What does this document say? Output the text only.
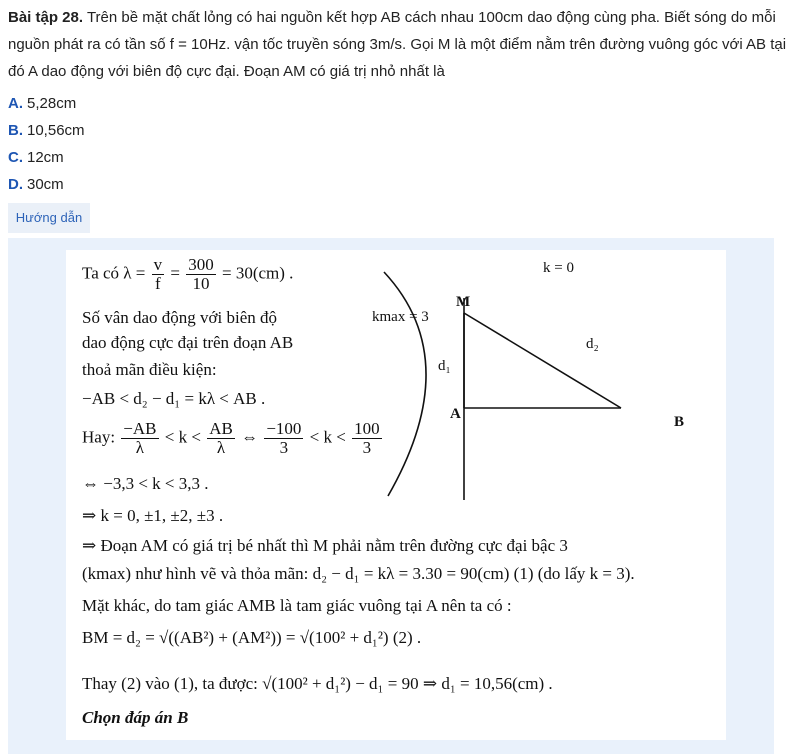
Bài tập 28. Trên bề mặt chất lỏng có hai nguồn kết hợp AB cách nhau 100cm dao động cùng pha. Biết sóng do mỗi nguồn phát ra có tần số f = 10Hz. vận tốc truyền sóng 3m/s. Gọi M là một điểm nằm trên đường vuông góc với AB tại đó A dao động với biên độ cực đại. Đoạn AM có giá trị nhỏ nhất là
A. 5,28cm
B. 10,56cm
C. 12cm
D. 30cm
Hướng dẫn
Ta có $\lambda = \frac{v}{f} = \frac{300}{10} = 30(cm)$ .
Số vân dao động với biên độ
dao động cực đại trên đoạn AB
thoả mãn điều kiện:
−AB < d₂ − d₁ = kλ < AB .
Hay: $\frac{-AB}{\lambda} < k < \frac{AB}{\lambda}$ ⇔ $\frac{-100}{3} < k < \frac{100}{3}$
⇔ −3,3 < k < 3,3 .
⇒ k = 0, ±1, ±2, ±3 .
⇒ Đoạn AM có giá trị bé nhất thì M phải nằm trên đường cực đại bậc 3
(kmax) như hình vẽ và thỏa mãn: d₂ − d₁ = kλ = 3.30 = 90(cm) (1) (do lấy k = 3).
Mặt khác, do tam giác AMB là tam giác vuông tại A nên ta có :
BM = d₂ = √((AB²) + (AM²)) = √(100² + d₁²) (2) .
Thay (2) vào (1), ta được: √(100² + d₁²) − d₁ = 90 ⇒ d₁ = 10,56(cm) .
Chọn đáp án B
k = 0
kmax = 3
M
d₁
d₂
A	B
